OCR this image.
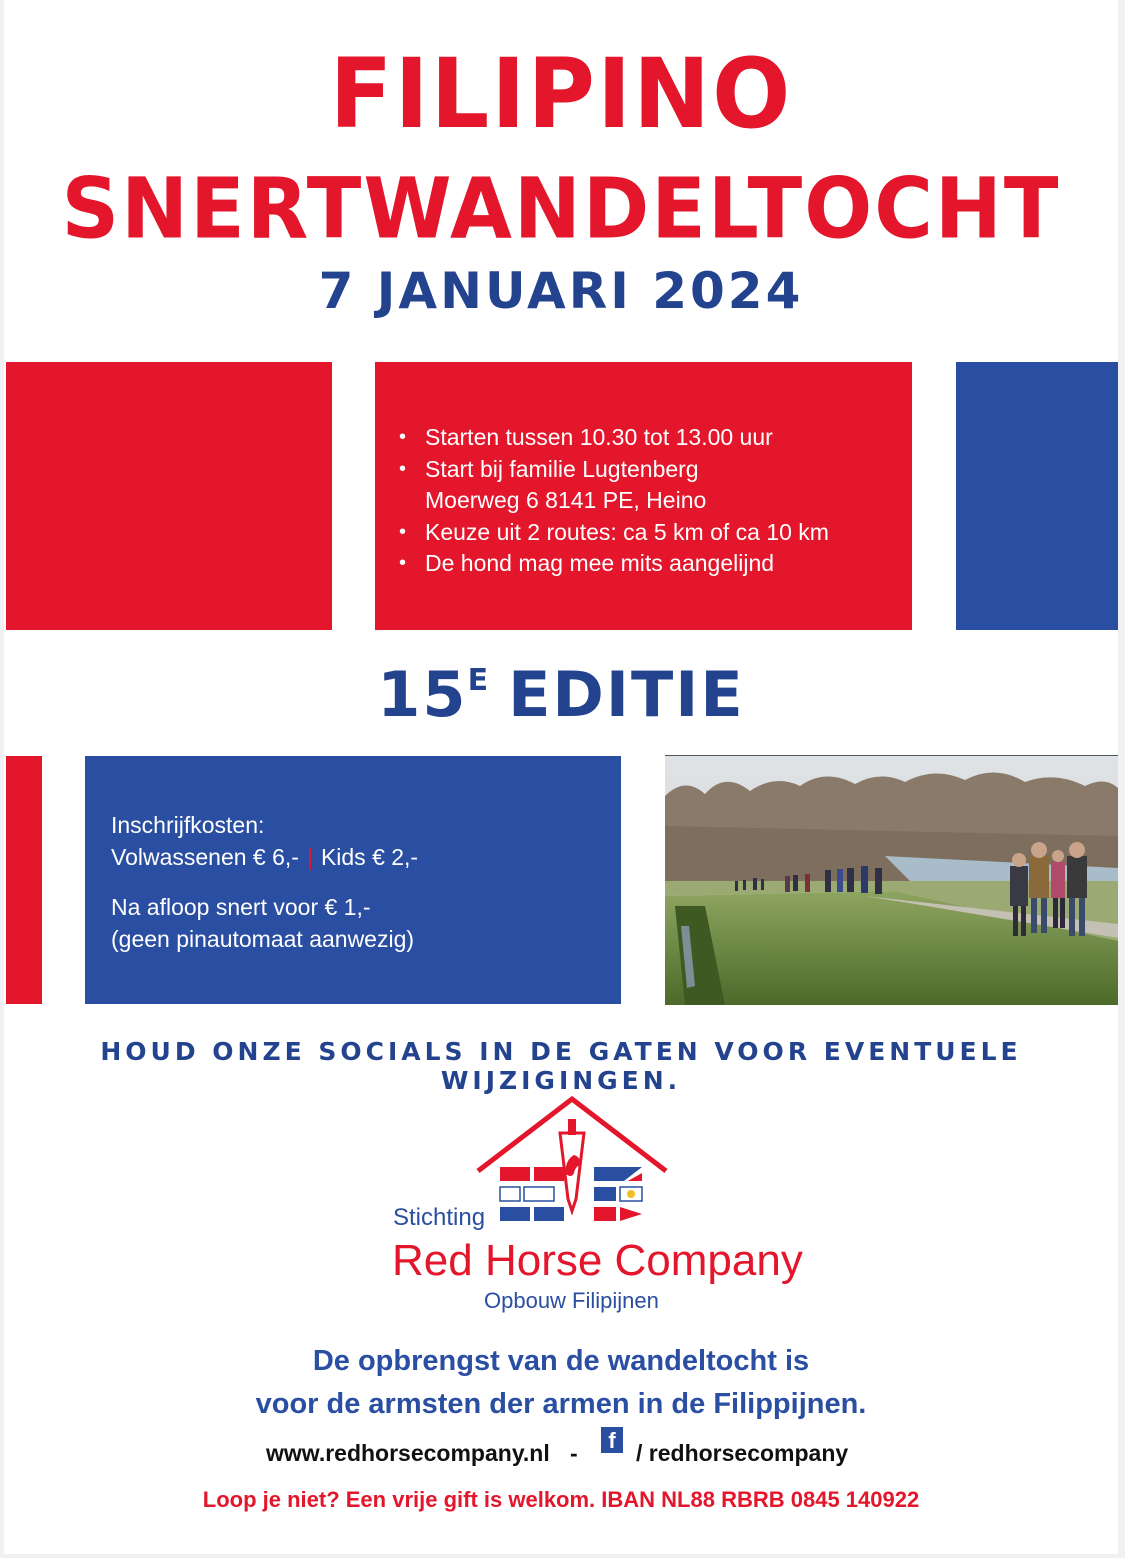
FILIPINO
SNERTWANDELTOCHT
7 JANUARI 2024
• Starten tussen 10.30 tot 13.00 uur
• Start bij familie Lugtenberg
Moerweg 6 8141 PE, Heino
• Keuze uit 2 routes: ca 5 km of ca 10 km
• De hond mag mee mits aangelijnd
$15^E$ EDITIE
Inschrijfkosten:
Volwassenen € 6,- | Kids € 2,-
Na afloop snert voor € 1,-
(geen pinautomaat aanwezig)
HOUD ONZE SOCIALS IN DE GATEN VOOR EVENTUELE WIJZIGINGEN.
Stichting
Red Horse Company
Opbouw Filipijnen
De opbrengst van de wandeltocht is
voor de armsten der armen in de Filippijnen.
www.redhorsecompany.nl -	f / redhorsecompany
Loop je niet? Een vrije gift is welkom. IBAN NL88 RBRB 0845 140922
